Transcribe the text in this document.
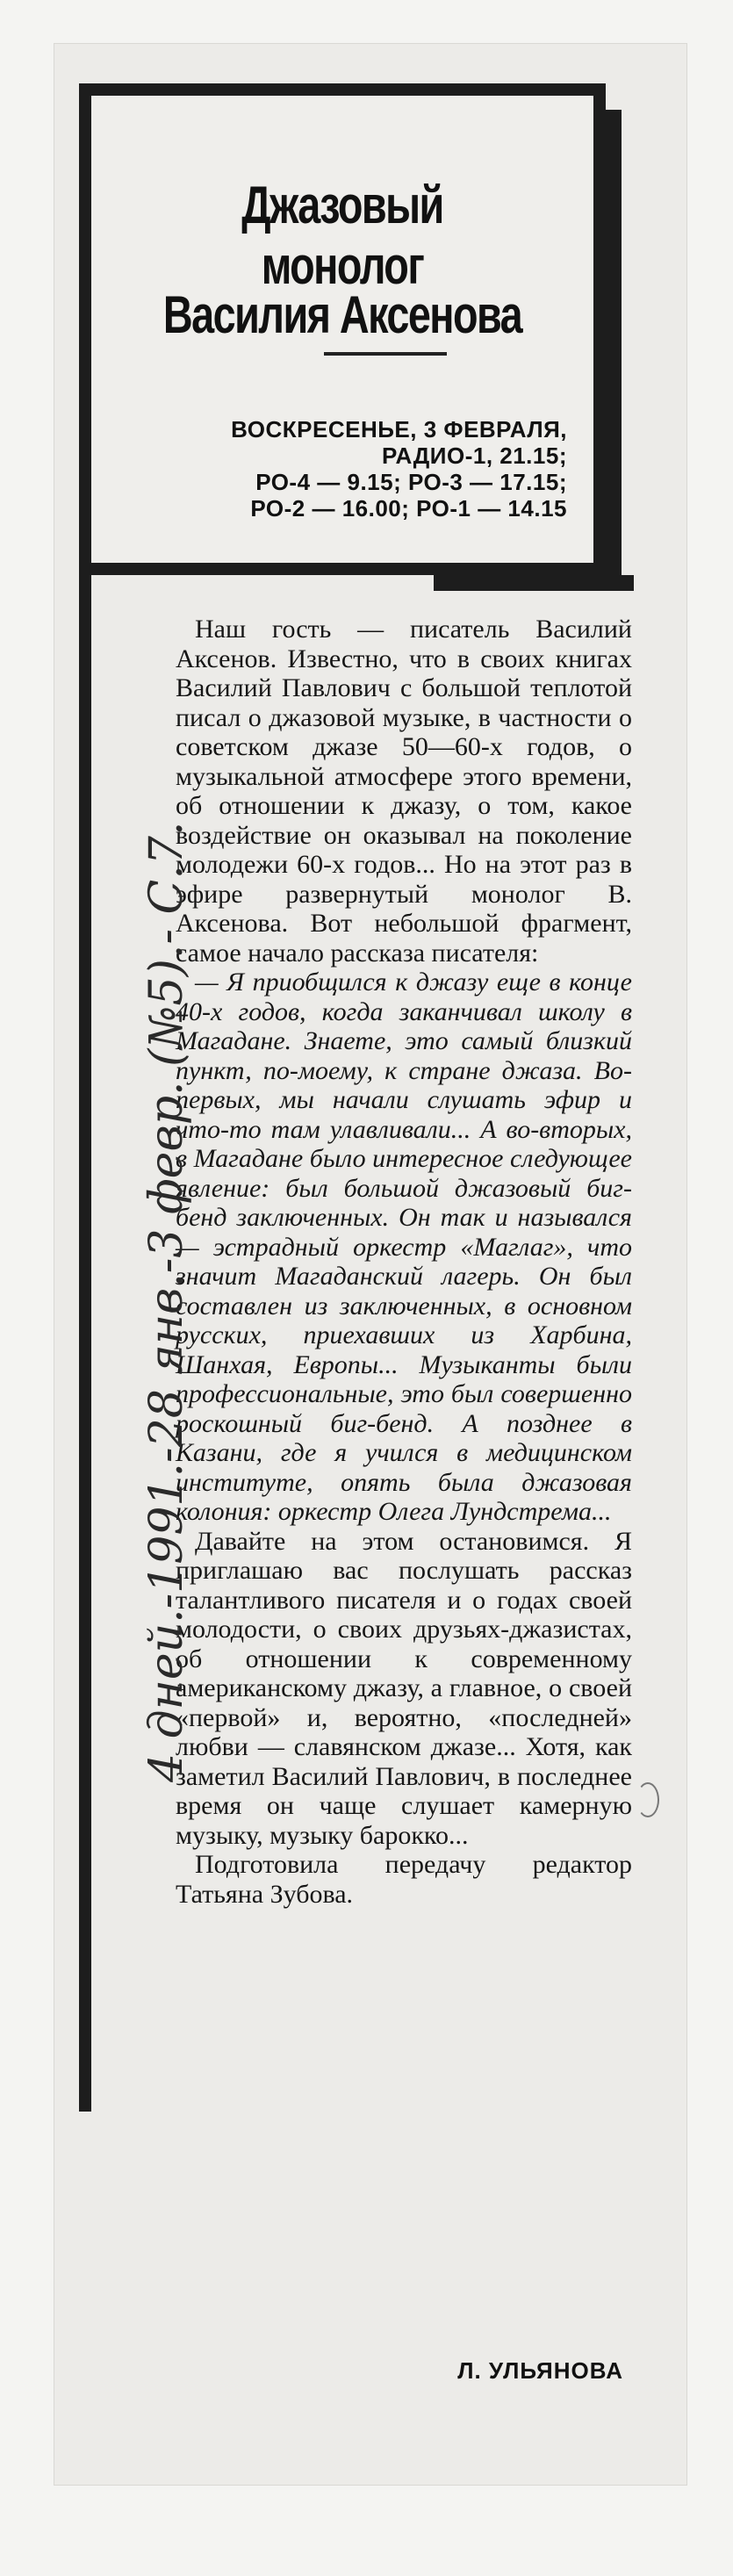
Джазовый монолог
Василия Аксенова
ВОСКРЕСЕНЬЕ, 3 ФЕВРАЛЯ,
РАДИО-1, 21.15;
РО-4 — 9.15; РО-3 — 17.15;
РО-2 — 16.00; РО-1 — 14.15

Наш гость — писатель Василий Аксенов. Известно, что в своих книгах Василий Павлович с большой теплотой писал о джазовой музыке, в частности о советском джазе 50—60-х годов, о музыкальной атмосфере этого времени, об отношении к джазу, о том, какое воздействие он оказывал на поколение молодежи 60-х годов... Но на этот раз в эфире развернутый монолог В. Аксенова. Вот небольшой фрагмент, самое начало рассказа писателя:

— Я приобщился к джазу еще в конце 40-х годов, когда заканчивал школу в Магадане. Знаете, это самый близкий пункт, по-моему, к стране джаза. Во-первых, мы начали слушать эфир и что-то там улавливали... А во-вторых, в Магадане было интересное следующее явление: был большой джазовый биг-бенд заключенных. Он так и назывался — эстрадный оркестр «Маглаг», что значит Магаданский лагерь. Он был составлен из заключенных, в основном русских, приехавших из Харбина, Шанхая, Европы... Музыканты были профессиональные, это был совершенно роскошный биг-бенд. А позднее в Казани, где я учился в медицинском институте, опять была джазовая колония: оркестр Олега Лундстрема...

Давайте на этом остановимся. Я приглашаю вас послушать рассказ талантливого писателя и о годах своей молодости, о своих друзьях-джазистах, об отношении к современному американскому джазу, а главное, о своей «первой» и, вероятно, «последней» любви — славянском джазе... Хотя, как заметил Василий Павлович, в последнее время он чаще слушает камерную музыку, музыку барокко...

Подготовила передачу редактор Татьяна Зубова.

Л. УЛЬЯНОВА
4 дней.-1991.-28 янв.-3 февр. (№5).- С.7.
